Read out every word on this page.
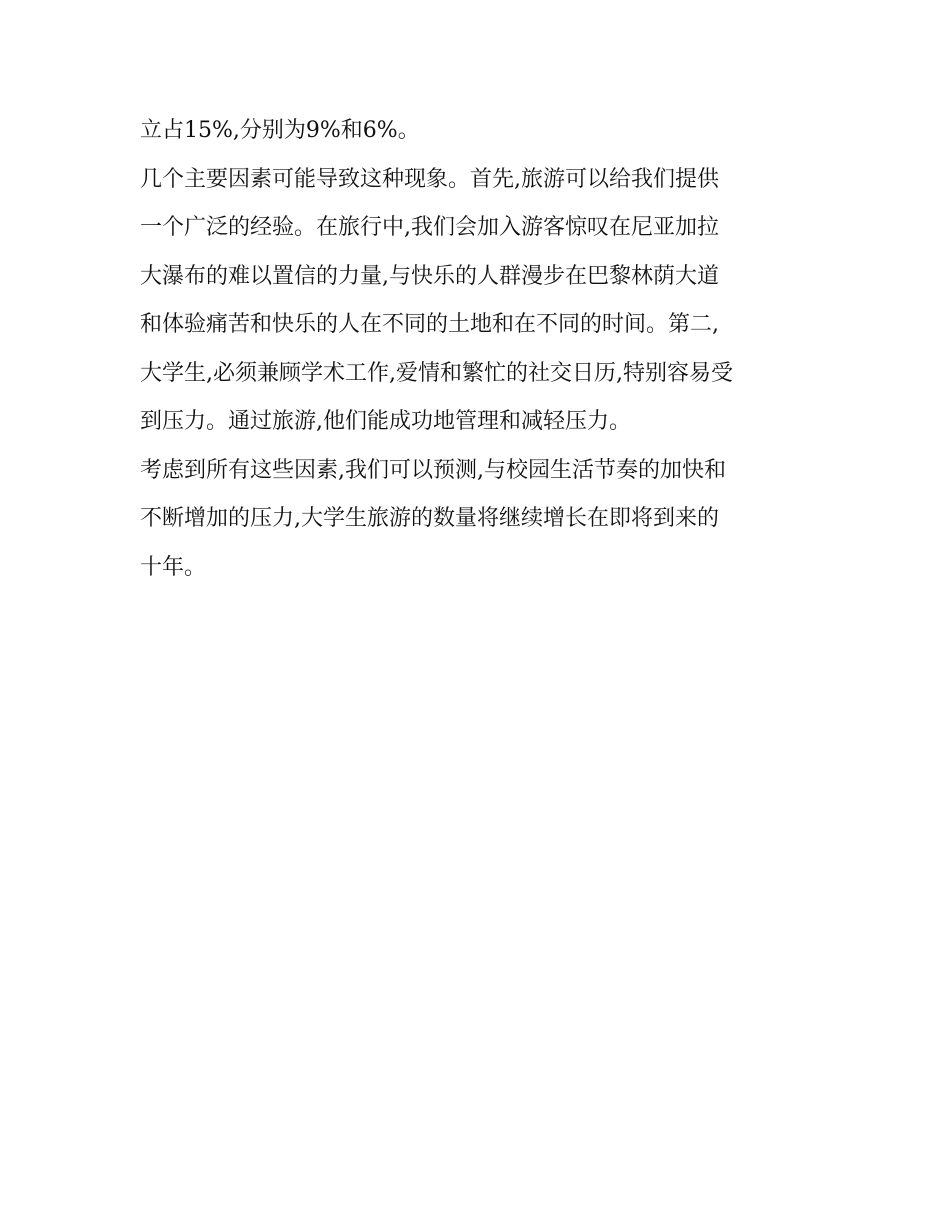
立占15%,分别为9%和6%。

几个主要因素可能导致这种现象。首先,旅游可以给我们提供
一个广泛的经验。在旅行中,我们会加入游客惊叹在尼亚加拉
大瀑布的难以置信的力量,与快乐的人群漫步在巴黎林荫大道
和体验痛苦和快乐的人在不同的土地和在不同的时间。第二,
大学生,必须兼顾学术工作,爱情和繁忙的社交日历,特别容易受
到压力。通过旅游,他们能成功地管理和减轻压力。

考虑到所有这些因素,我们可以预测,与校园生活节奏的加快和
不断增加的压力,大学生旅游的数量将继续增长在即将到来的
十年。
